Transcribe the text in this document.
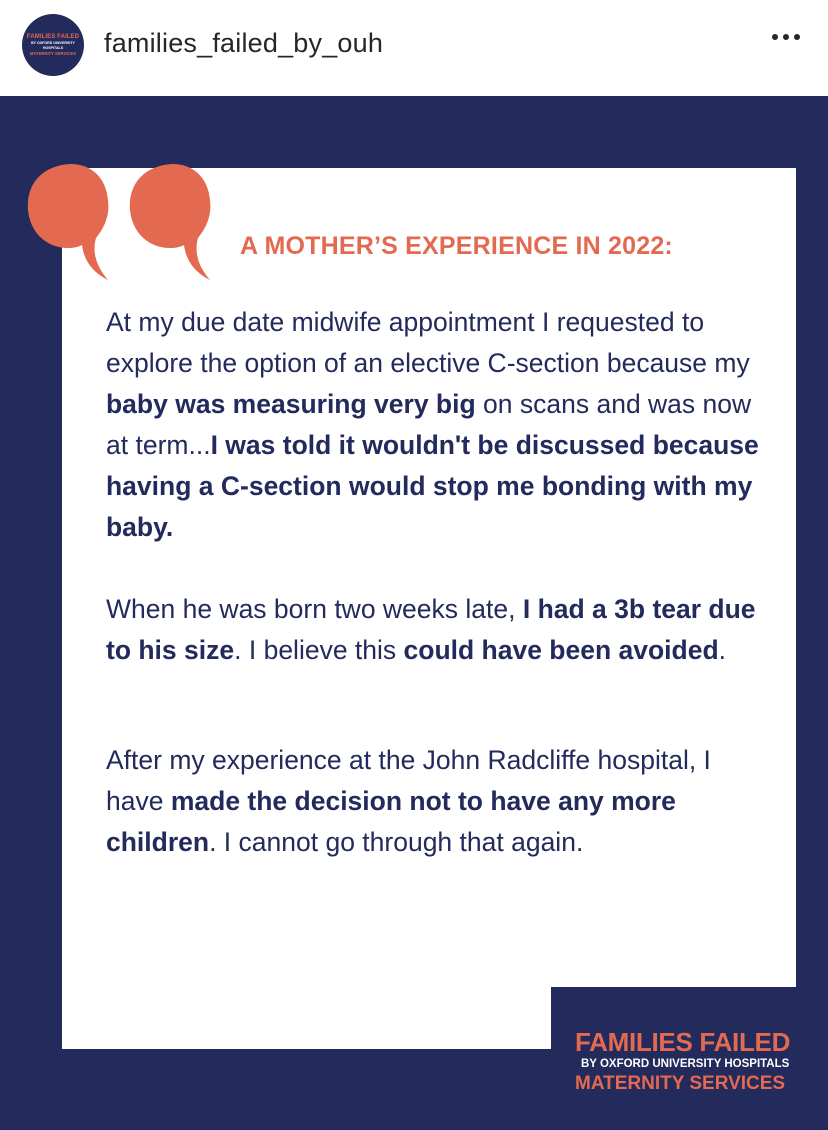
FAMILIES FAILED
BY OXFORD UNIVERSITY HOSPITALS
MATERNITY SERVICES families_failed_by_ouh
A MOTHER’S EXPERIENCE IN 2022:
At my due date midwife appointment I requested to explore the option of an elective C-section because my baby was measuring very big on scans and was now at term...I was told it wouldn't be discussed because having a C-section would stop me bonding with my baby.
When he was born two weeks late, I had a 3b tear due to his size. I believe this could have been avoided.
After my experience at the John Radcliffe hospital, I have made the decision not to have any more children. I cannot go through that again.
FAMILIES FAILED
BY OXFORD UNIVERSITY HOSPITALS
MATERNITY SERVICES
